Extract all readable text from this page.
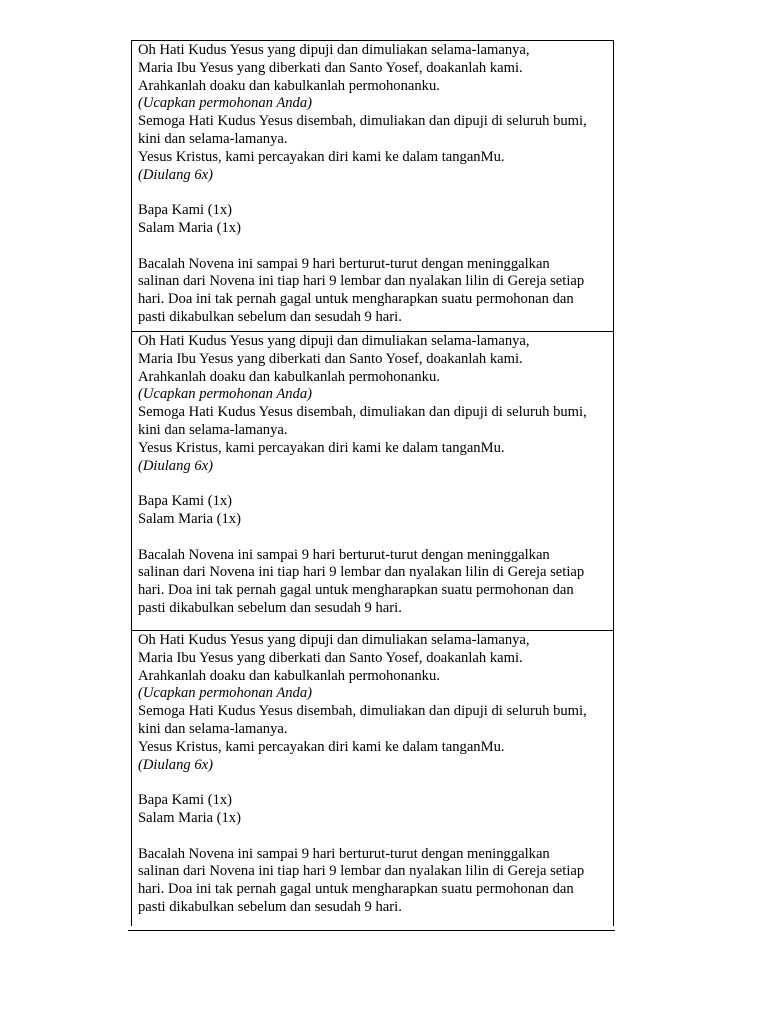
Oh Hati Kudus Yesus yang dipuji dan dimuliakan selama-lamanya,
Maria Ibu Yesus yang diberkati dan Santo Yosef, doakanlah kami.
Arahkanlah doaku dan kabulkanlah permohonanku.
(Ucapkan permohonan Anda)
Semoga Hati Kudus Yesus disembah, dimuliakan dan dipuji di seluruh bumi,
kini dan selama-lamanya.
Yesus Kristus, kami percayakan diri kami ke dalam tanganMu.
(Diulang 6x)
Bapa Kami (1x)
Salam Maria (1x)
Bacalah Novena ini sampai 9 hari berturut-turut dengan meninggalkan
salinan dari Novena ini tiap hari 9 lembar dan nyalakan lilin di Gereja setiap
hari. Doa ini tak pernah gagal untuk mengharapkan suatu permohonan dan
pasti dikabulkan sebelum dan sesudah 9 hari.
Oh Hati Kudus Yesus yang dipuji dan dimuliakan selama-lamanya,
Maria Ibu Yesus yang diberkati dan Santo Yosef, doakanlah kami.
Arahkanlah doaku dan kabulkanlah permohonanku.
(Ucapkan permohonan Anda)
Semoga Hati Kudus Yesus disembah, dimuliakan dan dipuji di seluruh bumi,
kini dan selama-lamanya.
Yesus Kristus, kami percayakan diri kami ke dalam tanganMu.
(Diulang 6x)
Bapa Kami (1x)
Salam Maria (1x)
Bacalah Novena ini sampai 9 hari berturut-turut dengan meninggalkan
salinan dari Novena ini tiap hari 9 lembar dan nyalakan lilin di Gereja setiap
hari. Doa ini tak pernah gagal untuk mengharapkan suatu permohonan dan
pasti dikabulkan sebelum dan sesudah 9 hari.
Oh Hati Kudus Yesus yang dipuji dan dimuliakan selama-lamanya,
Maria Ibu Yesus yang diberkati dan Santo Yosef, doakanlah kami.
Arahkanlah doaku dan kabulkanlah permohonanku.
(Ucapkan permohonan Anda)
Semoga Hati Kudus Yesus disembah, dimuliakan dan dipuji di seluruh bumi,
kini dan selama-lamanya.
Yesus Kristus, kami percayakan diri kami ke dalam tanganMu.
(Diulang 6x)
Bapa Kami (1x)
Salam Maria (1x)
Bacalah Novena ini sampai 9 hari berturut-turut dengan meninggalkan
salinan dari Novena ini tiap hari 9 lembar dan nyalakan lilin di Gereja setiap
hari. Doa ini tak pernah gagal untuk mengharapkan suatu permohonan dan
pasti dikabulkan sebelum dan sesudah 9 hari.
